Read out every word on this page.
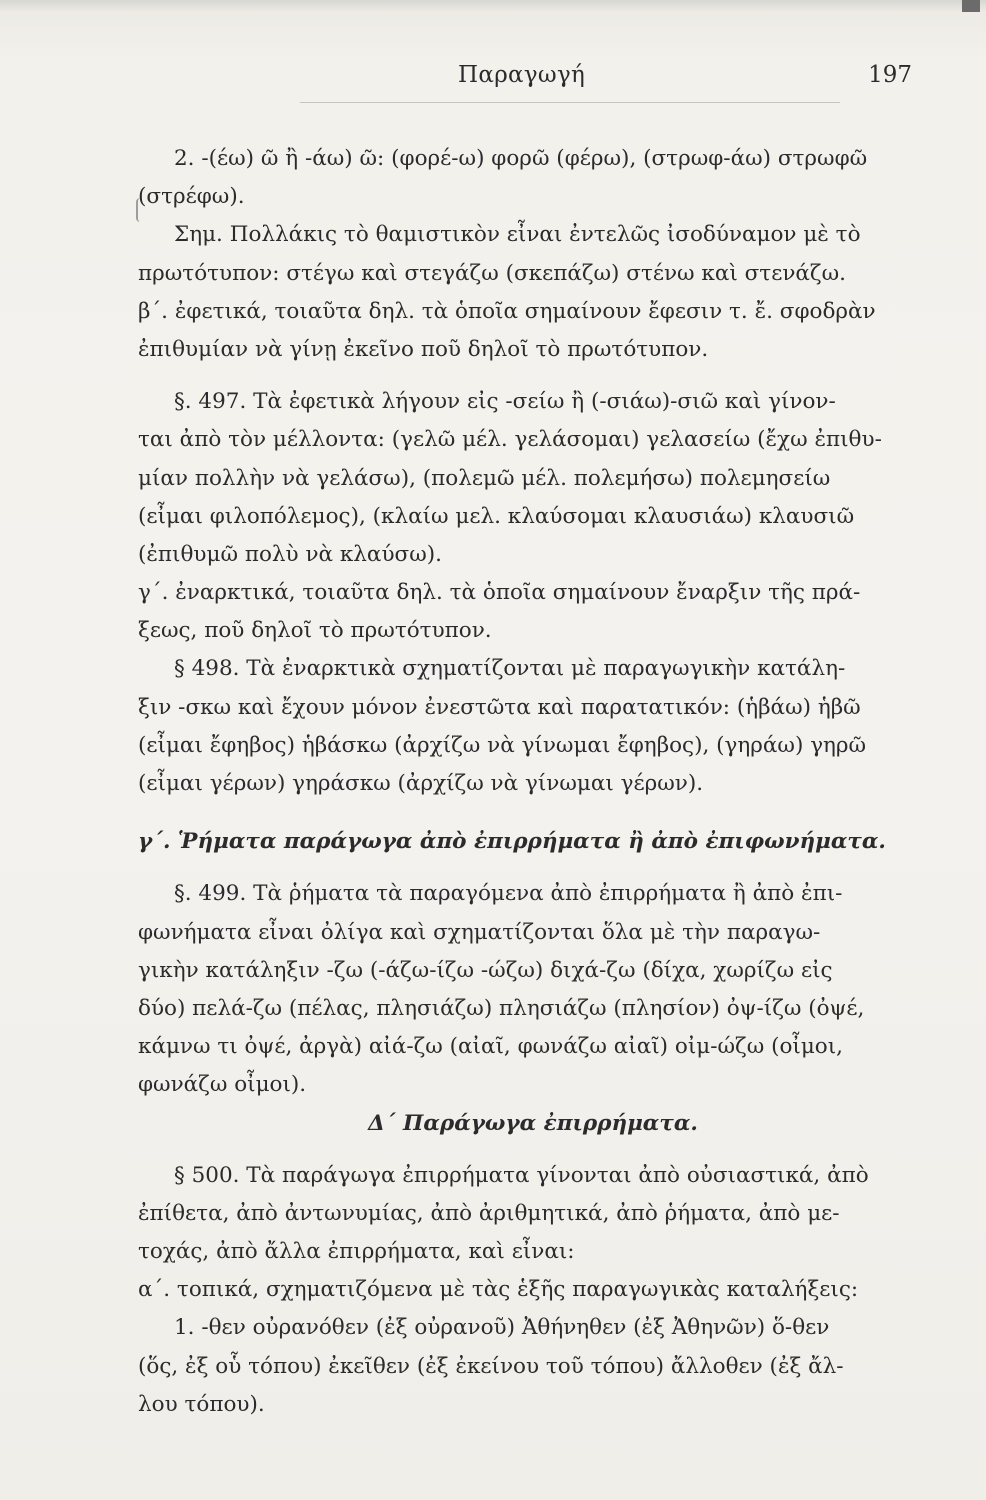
Παραγωγή	197
2. -(έω) ῶ ἢ -άω) ῶ: (φορέ-ω) φορῶ (φέρω), (στρωφ-άω) στρωφῶ
(στρέφω).
Σημ. Πολλάκις τὸ θαμιστικὸν εἶναι ἐντελῶς ἰσοδύναμον μὲ τὸ
πρωτότυπον: στέγω καὶ στεγάζω (σκεπάζω) στένω καὶ στενάζω.
β΄. ἐφετικά, τοιαῦτα δηλ. τὰ ὁποῖα σημαίνουν ἔφεσιν τ. ἔ. σφοδρὰν
ἐπιθυμίαν νὰ γίνῃ ἐκεῖνο ποῦ δηλοῖ τὸ πρωτότυπον.
§. 497. Τὰ ἐφετικὰ λήγουν εἰς -σείω ἢ (-σιάω)-σιῶ καὶ γίνον-
ται ἀπὸ τὸν μέλλοντα: (γελῶ μέλ. γελάσομαι) γελασείω (ἔχω ἐπιθυ-
μίαν πολλὴν νὰ γελάσω), (πολεμῶ μέλ. πολεμήσω) πολεμησείω
(εἶμαι φιλοπόλεμος), (κλαίω μελ. κλαύσομαι κλαυσιάω) κλαυσιῶ
(ἐπιθυμῶ πολὺ νὰ κλαύσω).
γ΄. ἐναρκτικά, τοιαῦτα δηλ. τὰ ὁποῖα σημαίνουν ἔναρξιν τῆς πρά-
ξεως, ποῦ δηλοῖ τὸ πρωτότυπον.
§ 498. Τὰ ἐναρκτικὰ σχηματίζονται μὲ παραγωγικὴν κατάλη-
ξιν -σκω καὶ ἔχουν μόνον ἐνεστῶτα καὶ παρατατικόν: (ἡβάω) ἡβῶ
(εἶμαι ἔφηβος) ἡβάσκω (ἀρχίζω νὰ γίνωμαι ἔφηβος), (γηράω) γηρῶ
(εἶμαι γέρων) γηράσκω (ἀρχίζω νὰ γίνωμαι γέρων).
γ΄. Ῥήματα παράγωγα ἀπὸ ἐπιρρήματα ἢ ἀπὸ ἐπιφωνήματα.
§. 499. Τὰ ῥήματα τὰ παραγόμενα ἀπὸ ἐπιρρήματα ἢ ἀπὸ ἐπι-
φωνήματα εἶναι ὀλίγα καὶ σχηματίζονται ὅλα μὲ τὴν παραγω-
γικὴν κατάληξιν -ζω (-άζω-ίζω -ώζω) διχά-ζω (δίχα, χωρίζω εἰς
δύο) πελά-ζω (πέλας, πλησιάζω) πλησιάζω (πλησίον) ὀψ-ίζω (ὀψέ,
κάμνω τι ὀψέ, ἀργὰ) αἰά-ζω (αἰαῖ, φωνάζω αἰαῖ) οἰμ-ώζω (οἶμοι,
φωνάζω οἶμοι).
Δ΄ Παράγωγα ἐπιρρήματα.
§ 500. Τὰ παράγωγα ἐπιρρήματα γίνονται ἀπὸ οὐσιαστικά, ἀπὸ
ἐπίθετα, ἀπὸ ἀντωνυμίας, ἀπὸ ἀριθμητικά, ἀπὸ ῥήματα, ἀπὸ με-
τοχάς, ἀπὸ ἄλλα ἐπιρρήματα, καὶ εἶναι:
α΄. τοπικά, σχηματιζόμενα μὲ τὰς ἑξῆς παραγωγικὰς καταλήξεις:
1. -θεν οὐρανόθεν (ἐξ οὐρανοῦ) Ἀθήνηθεν (ἐξ Ἀθηνῶν) ὅ-θεν
(ὅς, ἐξ οὗ τόπου) ἐκεῖθεν (ἐξ ἐκείνου τοῦ τόπου) ἄλλοθεν (ἐξ ἄλ-
λου τόπου).
